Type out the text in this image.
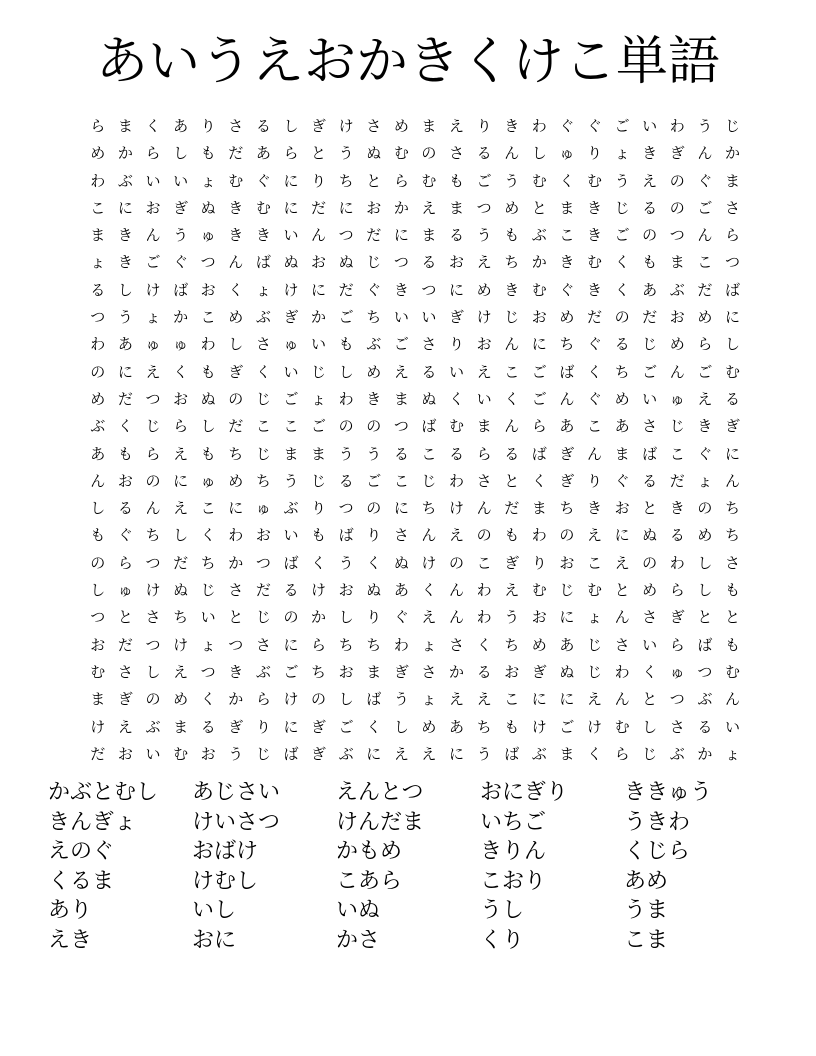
あいうえおかきくけこ単語
ら ま く あ り さ る し ぎ け さ め ま え り き わ ぐ ぐ ご い わ う じ
め か ら し も だ あ ら と う ぬ む の さ る ん し ゅ り ょ き ぎ ん か
わ ぶ い い ょ む ぐ に り ち と ら む も ご う む く む う え の ぐ ま
こ に お ぎ ぬ き む に だ に お か え ま つ め と ま き じ る の ご さ
ま き ん う ゅ き き い ん つ だ に ま る う も ぶ こ き ご の つ ん ら
ょ き ご ぐ つ ん ば ぬ お ぬ じ つ る お え ち か き む く も ま こ つ
る し け ば お く ょ け に だ ぐ き つ に め き む ぐ き く あ ぶ だ ば
つ う ょ か こ め ぶ ぎ か ご ち い い ぎ け じ お め だ の だ お め に
わ あ ゅ ゅ わ し さ ゅ い も ぶ ご さ り お ん に ち ぐ る じ め ら し
の に え く も ぎ く い じ し め え る い え こ ご ば く ち ご ん ご む
め だ つ お ぬ の じ ご ょ わ き ま ぬ く い く ご ん ぐ め い ゅ え る
ぶ く じ ら し だ こ こ ご の の つ ば む ま ん ら あ こ あ さ じ き ぎ
あ も ら え も ち じ ま ま う う る こ る ら る ば ぎ ん ま ば こ ぐ に
ん お の に ゅ め ち う じ る ご こ じ わ さ と く ぎ り ぐ る だ ょ ん
し る ん え こ に ゅ ぶ り つ の に ち け ん だ ま ち き お と き の ち
も ぐ ち し く わ お い も ば り さ ん え の も わ の え に ぬ る め ち
の ら つ だ ち か つ ば く う く ぬ け の こ ぎ り お こ え の わ し さ
し ゅ け ぬ じ さ だ る け お ぬ あ く ん わ え む じ む と め ら し も
つ と さ ち い と じ の か し り ぐ え ん わ う お に ょ ん さ ぎ と と
お だ つ け ょ つ さ に ら ち ち わ ょ さ く ち め あ じ さ い ら ば も
む さ し え つ き ぶ ご ち お ま ぎ さ か る お ぎ ぬ じ わ く ゅ つ む
ま ぎ の め く か ら け の し ば う ょ え え こ に に え ん と つ ぶ ん
け え ぶ ま る ぎ り に ぎ ご く し め あ ち も け ご け む し さ る い
だ お い む お う じ ば ぎ ぶ に え え に う ば ぶ ま く ら じ ぶ か ょ
かぶとむし	あじさい	えんとつ	おにぎり	ききゅう
きんぎょ	けいさつ	けんだま	いちご	うきわ
えのぐ	おばけ	かもめ	きりん	くじら
くるま	けむし	こあら	こおり	あめ
あり	いし	いぬ	うし	うま
えき	おに	かさ	くり	こま
